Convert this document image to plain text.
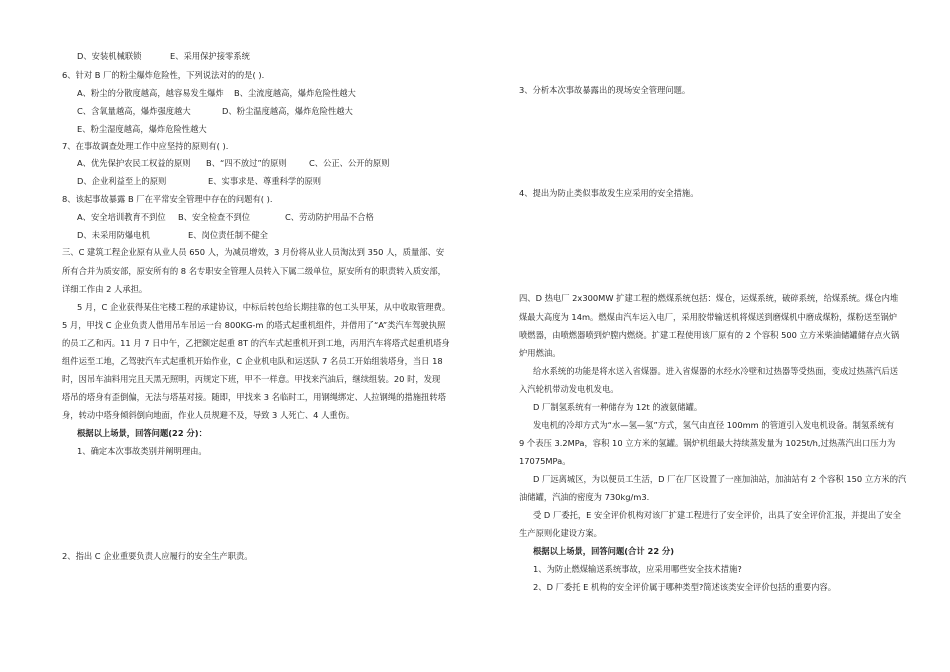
D、安装机械联锁	E、采用保护接零系统
6、针对 B 厂的粉尘爆炸危险性，下列说法对的的是( ).
A、粉尘的分散度越高，越容易发生爆炸 B、尘流度越高，爆炸危险性越大
C、含氧量越高，爆炸强度越大	D、粉尘温度越高，爆炸危险性越大
E、粉尘湿度越高，爆炸危险性越大
7、在事故调查处理工作中应坚持的原则有( ).
A、优先保护农民工权益的原则 B、“四不放过”的原则	C、公正、公开的原则
D、企业利益至上的原则	E、实事求是、尊重科学的原则
8、该起事故暴露 B 厂在平常安全管理中存在的问题有( ).
A、安全培训教育不到位 B、安全检查不到位	C、劳动防护用品不合格
D、未采用防爆电机	E、岗位责任制不健全
三、C 建筑工程企业原有从业人员 650 人，为减员增效，3 月份将从业人员淘汰到 350 人，质量部、安
所有合并为质安部，原安所有的 8 名专职安全管理人员转入下属二级单位，原安所有的职责转入质安部，
详细工作由 2 人承担。
5 月，C 企业获得某住宅楼工程的承建协议，中标后转包给长期挂靠的包工头甲某，从中收取管理费。
5 月，甲找 C 企业负责人借用吊车吊运一台 800KG-m 的塔式起重机组件，并借用了“A”类汽车驾驶执照
的员工乙和丙。11 月 7 日中午，乙把额定起重 8T 的汽车式起重机开到工地，丙用汽车将塔式起重机塔身
组件运至工地，乙驾驶汽车式起重机开始作业，C 企业机电队和运送队 7 名员工开始组装塔身，当日 18
时，因吊车油料用完且天黑无照明，丙规定下班，甲不一样意。甲找来汽油后，继续组装。20 时，发现
塔吊的塔身有歪倒偏，无法与塔基对接。随即，甲找来 3 名临时工，用钢绳绑定、人拉钢绳的措施扭转塔
身，转动中塔身倾斜倒向地面，作业人员规避不及，导致 3 人死亡、4 人重伤。
根据以上场景，回答问题(22 分)：
1、确定本次事故类别并阐明理由。
2、指出 C 企业重要负责人应履行的安全生产职责。
3、分析本次事故暴露出的现场安全管理问题。
4、提出为防止类似事故发生应采用的安全措施。
四、D 热电厂 2x300MW 扩建工程的燃煤系统包括：煤仓，运煤系统，破碎系统，给煤系统。煤仓内堆
煤最大高度为 14m。燃煤由汽车运入电厂，采用胶带输送机将煤送到磨煤机中磨成煤粉，煤粉送至锅炉
喷燃器，由喷燃器喷到炉膛内燃烧。扩建工程使用该厂原有的 2 个容积 500 立方米柴油储罐储存点火锅
炉用燃油。
给水系统的功能是将水送入省煤器。进入省煤器的水经水冷壁和过热器等受热面，变成过热蒸汽后送
入汽轮机带动发电机发电。
D 厂制氢系统有一种储存为 12t 的液氨储罐。
发电机的冷却方式为“水—氢—氢”方式，氢气由直径 100mm 的管道引入发电机设备。制氢系统有
9 个表压 3.2MPa，容积 10 立方米的氢罐。锅炉机组最大持续蒸发量为 1025t/h,过热蒸汽出口压力为
17075MPa。
D 厂远离城区，为以便员工生活，D 厂在厂区设置了一座加油站，加油站有 2 个容积 150 立方米的汽
油储罐，汽油的密度为 730kg/m3.
受 D 厂委托，E 安全评价机构对该厂扩建工程进行了安全评价，出具了安全评价汇报，并提出了安全
生产原则化建设方案。
根据以上场景，回答问题(合计 22 分)
1、为防止燃煤输送系统事故，应采用哪些安全技术措施?
2、D 厂委托 E 机构的安全评价属于哪种类型?简述该类安全评价包括的重要内容。
